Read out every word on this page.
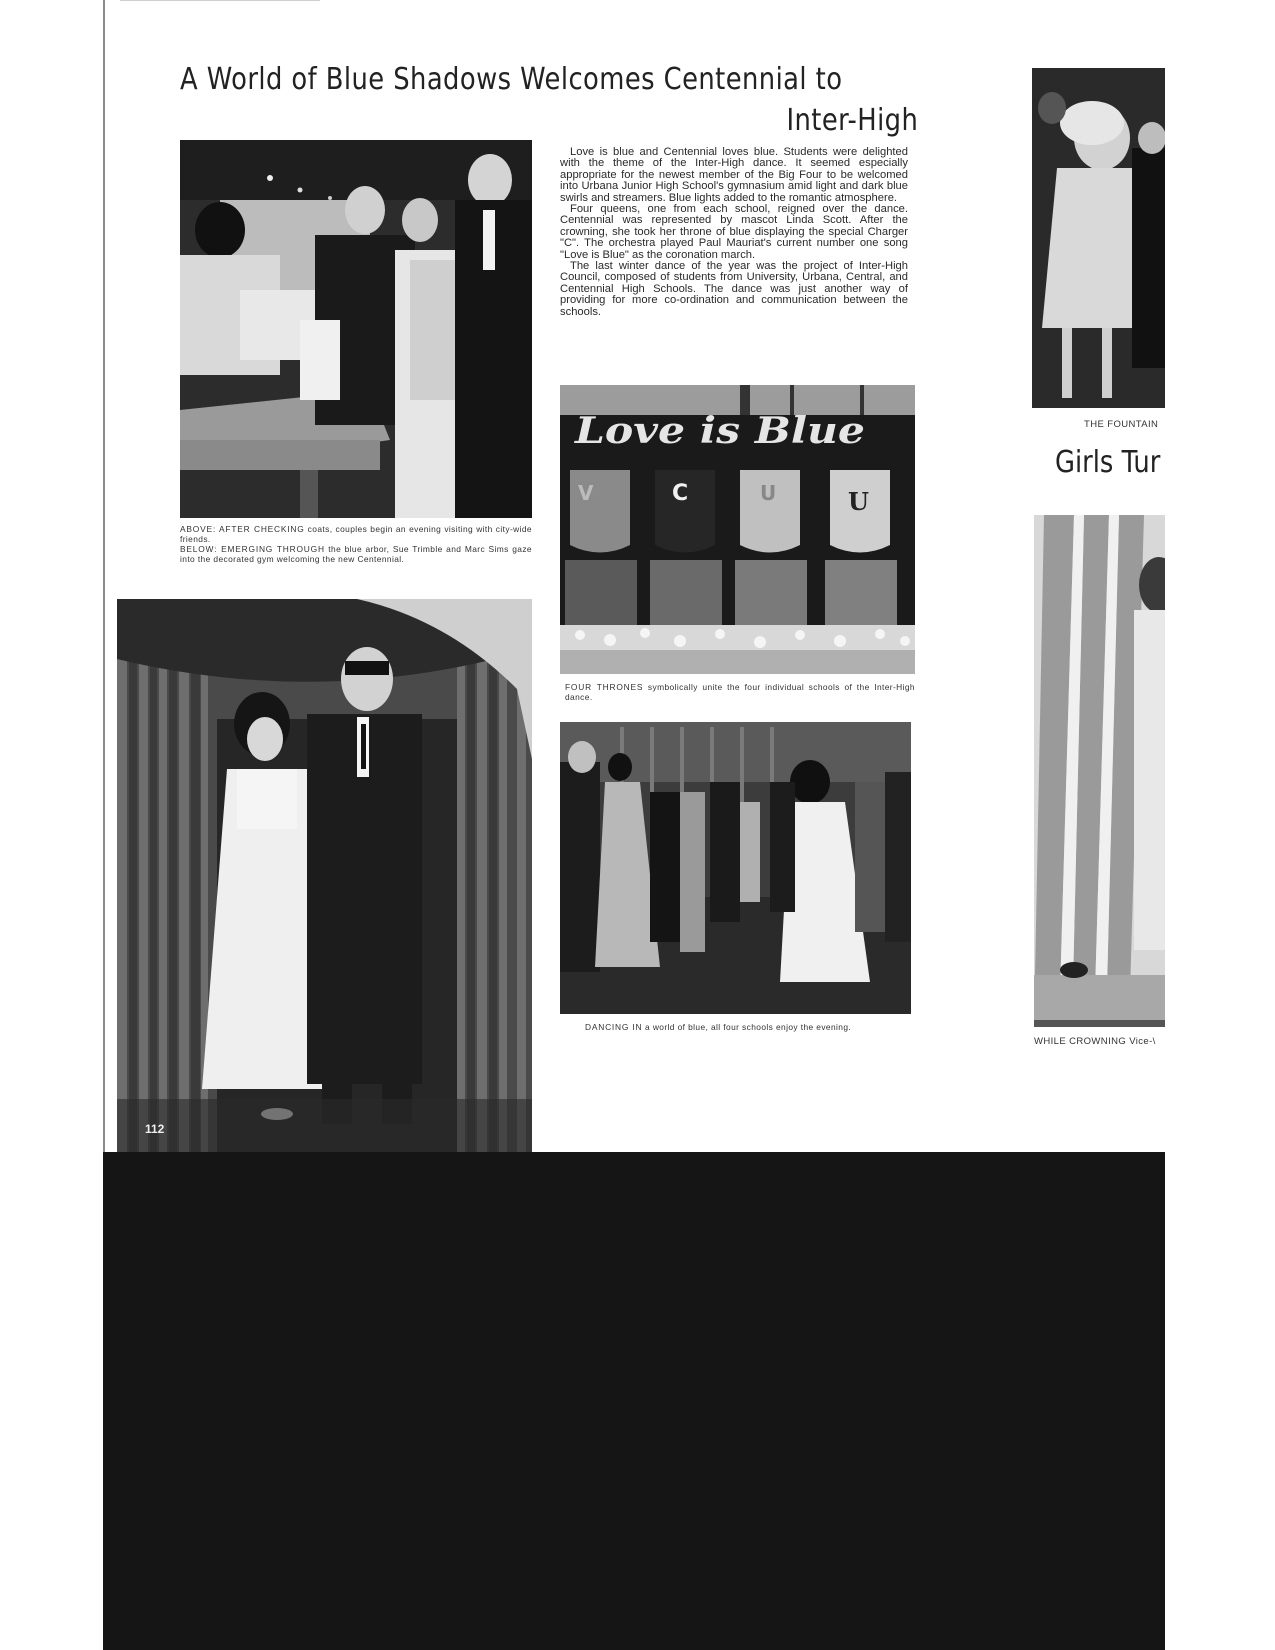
A World of Blue Shadows Welcomes Centennial to
Inter-High
ABOVE: AFTER CHECKING coats, couples begin an evening visiting with city-wide friends.
BELOW: EMERGING THROUGH the blue arbor, Sue Trimble and Marc Sims gaze into the decorated gym welcoming the new Centennial.
112

Love is blue and Centennial loves blue. Students were delighted with the theme of the Inter-High dance. It seemed especially appropriate for the newest member of the Big Four to be welcomed into Urbana Junior High School's gymnasium amid light and dark blue swirls and streamers. Blue lights added to the romantic atmosphere.

Four queens, one from each school, reigned over the dance. Centennial was represented by mascot Linda Scott. After the crowning, she took her throne of blue displaying the special Charger "C". The orchestra played Paul Mauriat's current number one song "Love is Blue" as the coronation march.

The last winter dance of the year was the project of Inter-High Council, composed of students from University, Urbana, Central, and Centennial High Schools. The dance was just another way of providing for more co-ordination and communication between the schools.

Love is Blue
V	C	U	U
FOUR THRONES symbolically unite the four individual schools of the Inter-High dance.
DANCING IN a world of blue, all four schools enjoy the evening.
THE FOUNTAIN
Girls Tur
WHILE CROWNING Vice-\
